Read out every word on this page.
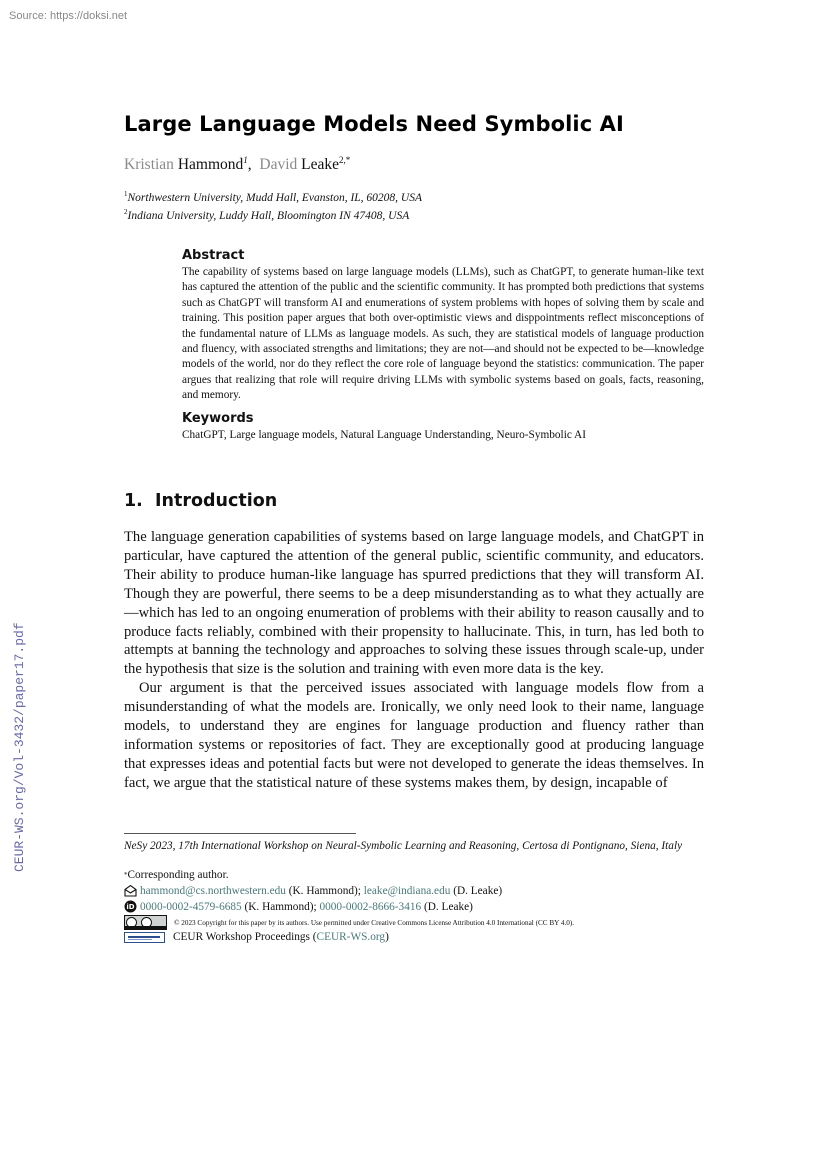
Source: https://doksi.net
CEUR-WS.org/Vol-3432/paper17.pdf
Large Language Models Need Symbolic AI
Kristian Hammond$^1$, David Leake$^{2,*}$
$^1$Northwestern University, Mudd Hall, Evanston, IL, 60208, USA
$^2$Indiana University, Luddy Hall, Bloomington IN 47408, USA
Abstract

The capability of systems based on large language models (LLMs), such as ChatGPT, to generate human-like text has captured the attention of the public and the scientific community. It has prompted both predictions that systems such as ChatGPT will transform AI and enumerations of system problems with hopes of solving them by scale and training. This position paper argues that both over-optimistic views and disppointments reflect misconceptions of the fundamental nature of LLMs as language models. As such, they are statistical models of language production and fluency, with associated strengths and limitations; they are not—and should not be expected to be—knowledge models of the world, nor do they reflect the core role of language beyond the statistics: communication. The paper argues that realizing that role will require driving LLMs with symbolic systems based on goals, facts, reasoning, and memory.

Keywords
ChatGPT, Large language models, Natural Language Understanding, Neuro-Symbolic AI
1. Introduction

The language generation capabilities of systems based on large language models, and ChatGPT in particular, have captured the attention of the general public, scientific community, and educators. Their ability to produce human-like language has spurred predictions that they will transform AI. Though they are powerful, there seems to be a deep misunderstanding as to what they actually are—which has led to an ongoing enumeration of problems with their ability to reason causally and to produce facts reliably, combined with their propensity to hallucinate. This, in turn, has led both to attempts at banning the technology and approaches to solving these issues through scale-up, under the hypothesis that size is the solution and training with even more data is the key.

Our argument is that the perceived issues associated with language models flow from a misunderstanding of what the models are. Ironically, we only need look to their name, language models, to understand they are engines for language production and fluency rather than information systems or repositories of fact. They are exceptionally good at producing language that expresses ideas and potential facts but were not developed to generate the ideas themselves. In fact, we argue that the statistical nature of these systems makes them, by design, incapable of

NeSy 2023, 17th International Workshop on Neural-Symbolic Learning and Reasoning, Certosa di Pontignano, Siena, Italy

* Corresponding author.
hammond@cs.northwestern.edu (K. Hammond); leake@indiana.edu (D. Leake)
iD 0000-0002-4579-6685 (K. Hammond); 0000-0002-8666-3416 (D. Leake)
© 2023 Copyright for this paper by its authors. Use permitted under Creative Commons License Attribution 4.0 International (CC BY 4.0).
CEUR Workshop Proceedings ( CEUR-WS.org )
